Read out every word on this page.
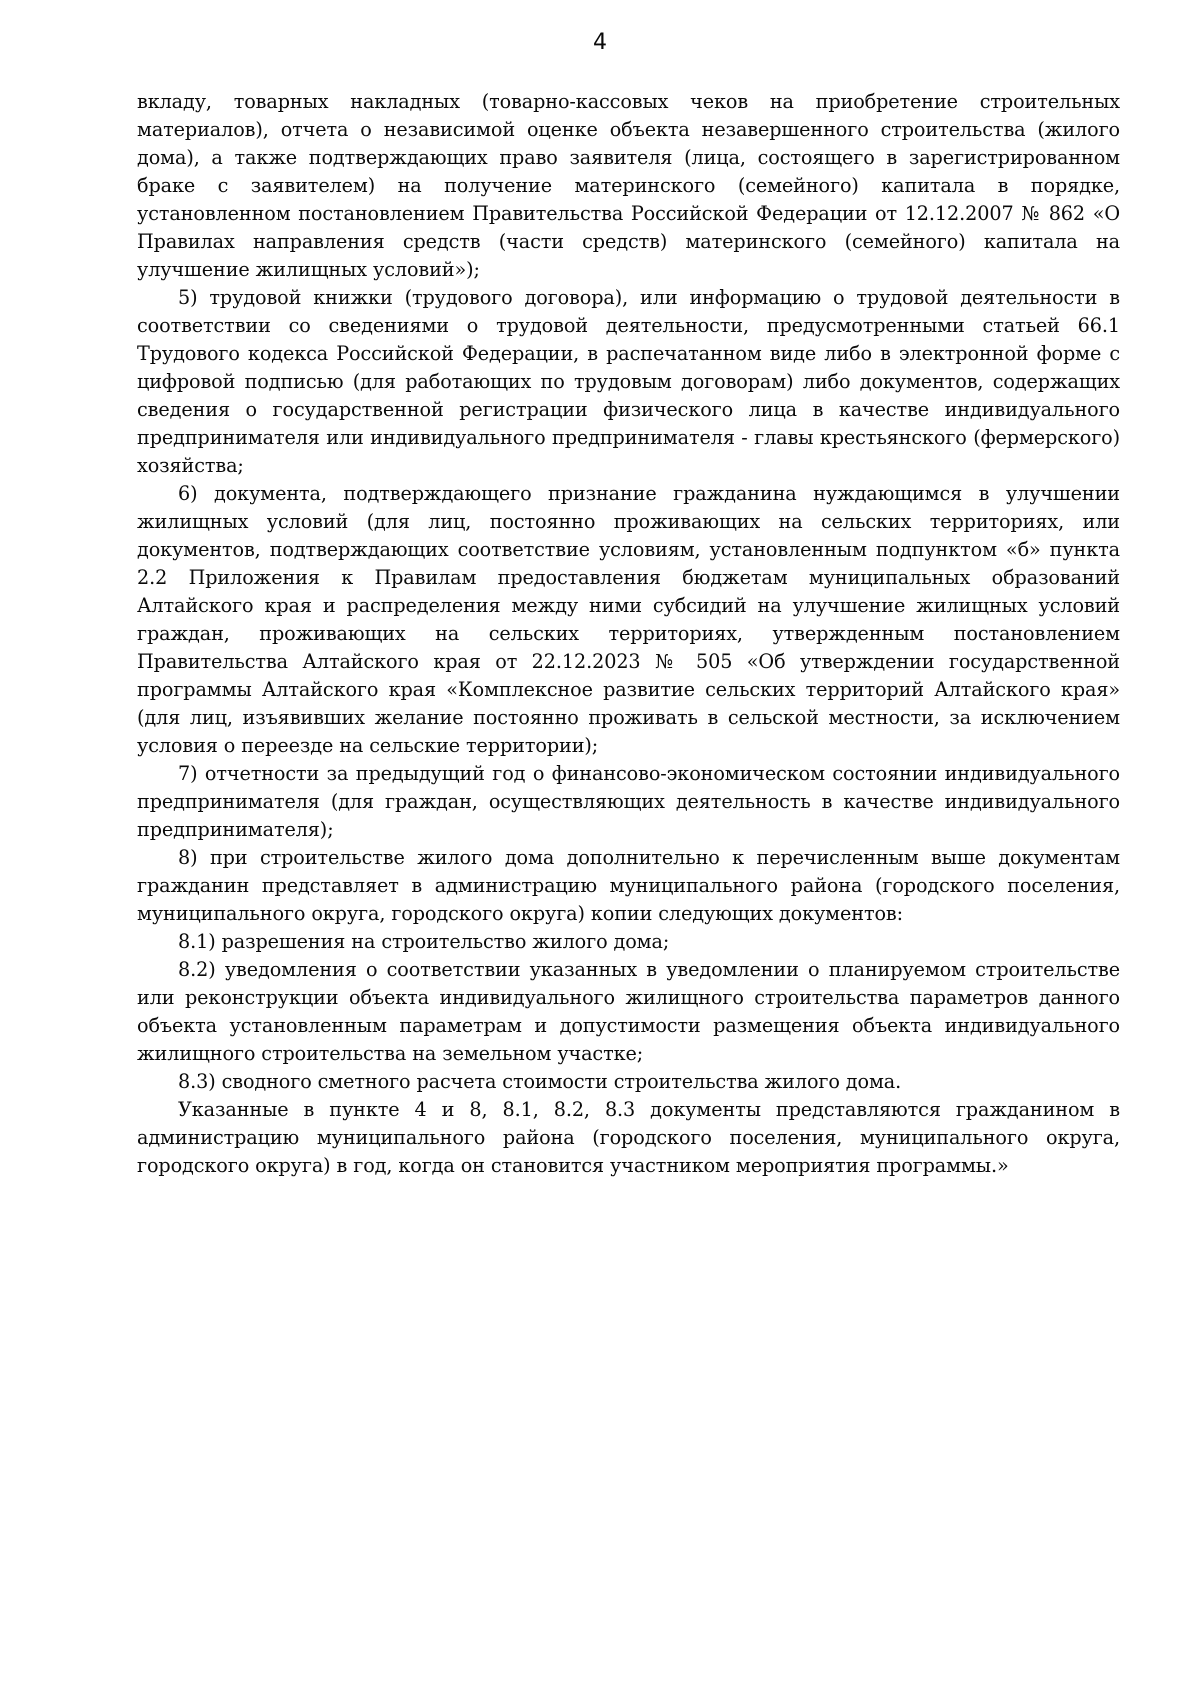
4

вкладу, товарных накладных (товарно-кассовых чеков на приобретение строительных материалов), отчета о независимой оценке объекта незавершенного строительства (жилого дома), а также подтверждающих право заявителя (лица, состоящего в зарегистрированном браке с заявителем) на получение материнского (семейного) капитала в порядке, установленном постановлением Правительства Российской Федерации от 12.12.2007 № 862 «О Правилах направления средств (части средств) материнского (семейного) капитала на улучшение жилищных условий»);

5) трудовой книжки (трудового договора), или информацию о трудовой деятельности в соответствии со сведениями о трудовой деятельности, предусмотренными статьей 66.1 Трудового кодекса Российской Федерации, в распечатанном виде либо в электронной форме с цифровой подписью (для работающих по трудовым договорам) либо документов, содержащих сведения о государственной регистрации физического лица в качестве индивидуального предпринимателя или индивидуального предпринимателя - главы крестьянского (фермерского) хозяйства;

6) документа, подтверждающего признание гражданина нуждающимся в улучшении жилищных условий (для лиц, постоянно проживающих на сельских территориях, или документов, подтверждающих соответствие условиям, установленным подпунктом «б» пункта 2.2 Приложения к Правилам предоставления бюджетам муниципальных образований Алтайского края и распределения между ними субсидий на улучшение жилищных условий граждан, проживающих на сельских территориях, утвержденным постановлением Правительства Алтайского края от 22.12.2023 № 505 «Об утверждении государственной программы Алтайского края «Комплексное развитие сельских территорий Алтайского края» (для лиц, изъявивших желание постоянно проживать в сельской местности, за исключением условия о переезде на сельские территории);

7) отчетности за предыдущий год о финансово-экономическом состоянии индивидуального предпринимателя (для граждан, осуществляющих деятельность в качестве индивидуального предпринимателя);

8) при строительстве жилого дома дополнительно к перечисленным выше документам гражданин представляет в администрацию муниципального района (городского поселения, муниципального округа, городского округа) копии следующих документов:

8.1) разрешения на строительство жилого дома;

8.2) уведомления о соответствии указанных в уведомлении о планируемом строительстве или реконструкции объекта индивидуального жилищного строительства параметров данного объекта установленным параметрам и допустимости размещения объекта индивидуального жилищного строительства на земельном участке;

8.3) сводного сметного расчета стоимости строительства жилого дома.

Указанные в пункте 4 и 8, 8.1, 8.2, 8.3 документы представляются гражданином в администрацию муниципального района (городского поселения, муниципального округа, городского округа) в год, когда он становится участником мероприятия программы.»
